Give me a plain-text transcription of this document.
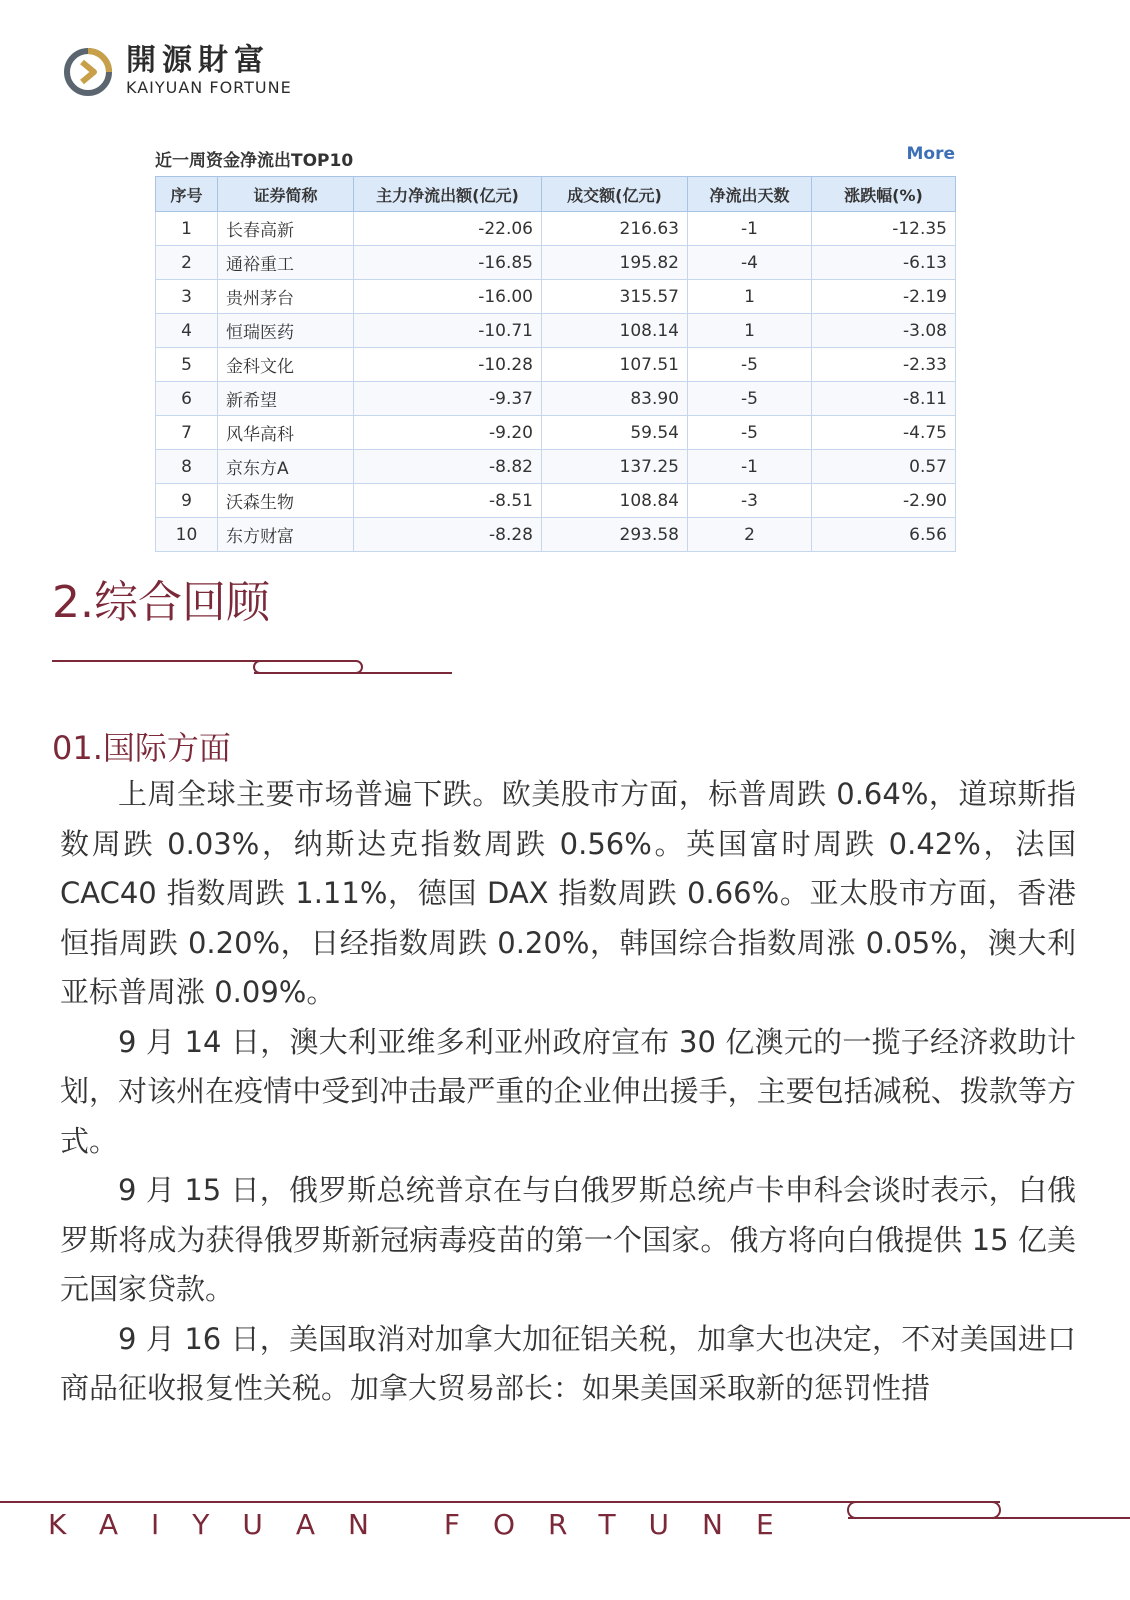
開源財富
KAIYUAN FORTUNE
近一周资金净流出TOP10	More
序号	证券简称	主力净流出额(亿元)	成交额(亿元)	净流出天数	涨跌幅(%)
1	长春高新	-22.06	216.63	-1	-12.35
2	通裕重工	-16.85	195.82	-4	-6.13
3	贵州茅台	-16.00	315.57	1	-2.19
4	恒瑞医药	-10.71	108.14	1	-3.08
5	金科文化	-10.28	107.51	-5	-2.33
6	新希望	-9.37	83.90	-5	-8.11
7	风华高科	-9.20	59.54	-5	-4.75
8	京东方A	-8.82	137.25	-1	0.57
9	沃森生物	-8.51	108.84	-3	-2.90
10	东方财富	-8.28	293.58	2	6.56
2.综合回顾
01.国际方面

上周全球主要市场普遍下跌。欧美股市方面，标普周跌 0.64%，道琼斯指数周跌 0.03%，纳斯达克指数周跌 0.56%。英国富时周跌 0.42%，法国 CAC40 指数周跌 1.11%，德国 DAX 指数周跌 0.66%。亚太股市方面，香港恒指周跌 0.20%，日经指数周跌 0.20%，韩国综合指数周涨 0.05%，澳大利亚标普周涨 0.09%。

9 月 14 日，澳大利亚维多利亚州政府宣布 30 亿澳元的一揽子经济救助计划，对该州在疫情中受到冲击最严重的企业伸出援手，主要包括减税、拨款等方式。

9 月 15 日，俄罗斯总统普京在与白俄罗斯总统卢卡申科会谈时表示，白俄罗斯将成为获得俄罗斯新冠病毒疫苗的第一个国家。俄方将向白俄提供 15 亿美元国家贷款。

9 月 16 日，美国取消对加拿大加征铝关税，加拿大也决定，不对美国进口商品征收报复性关税。加拿大贸易部长：如果美国采取新的惩罚性措

KAIYUAN FORTUNE
